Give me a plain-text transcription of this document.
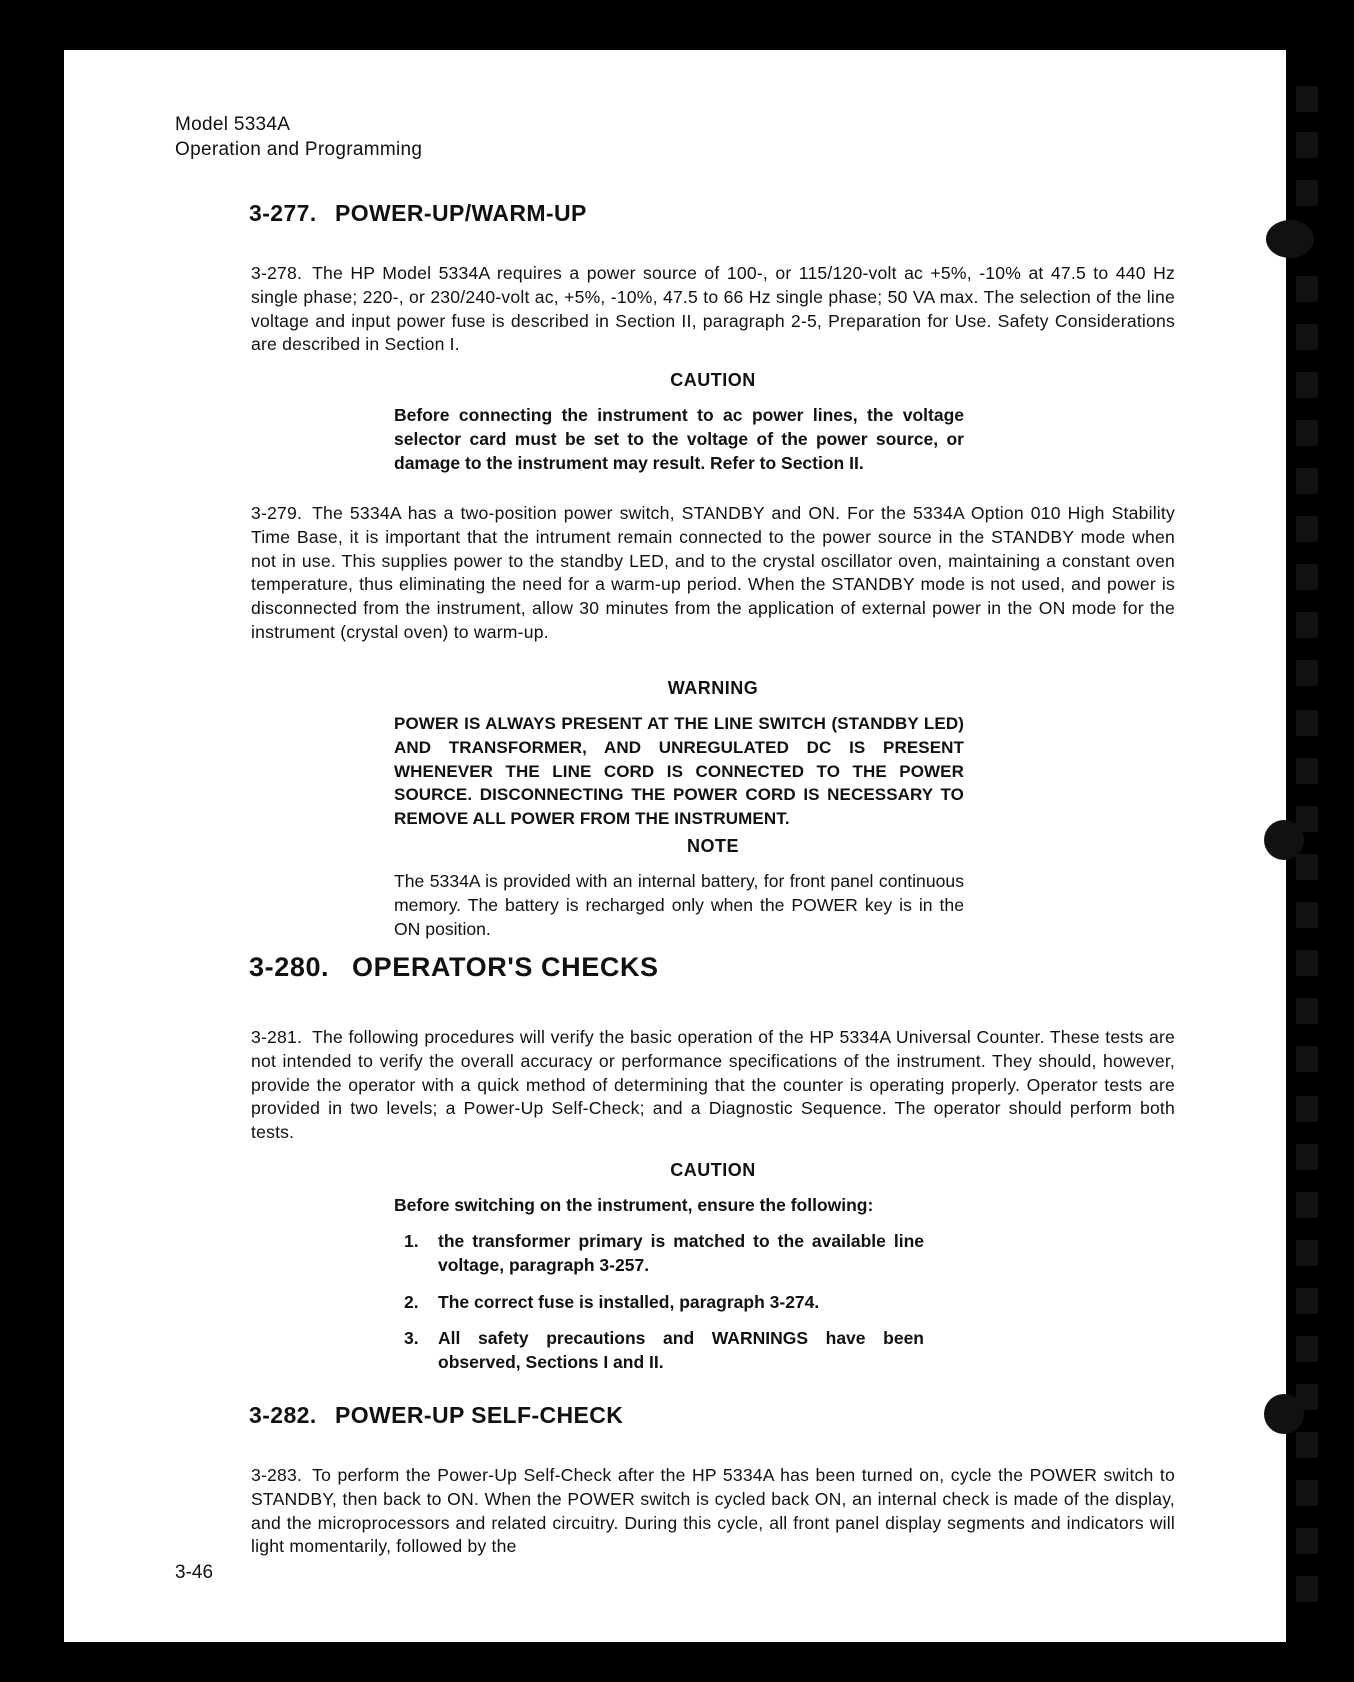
Model 5334A
Operation and Programming
3-277. POWER-UP/WARM-UP
3-278. The HP Model 5334A requires a power source of 100-, or 115/120-volt ac +5%, -10% at 47.5 to 440 Hz single phase; 220-, or 230/240-volt ac, +5%, -10%, 47.5 to 66 Hz single phase; 50 VA max. The selection of the line voltage and input power fuse is described in Section II, paragraph 2-5, Preparation for Use. Safety Considerations are described in Section I.
CAUTION
Before connecting the instrument to ac power lines, the voltage selector card must be set to the voltage of the power source, or damage to the instrument may result. Refer to Section II.
3-279. The 5334A has a two-position power switch, STANDBY and ON. For the 5334A Option 010 High Stability Time Base, it is important that the intrument remain connected to the power source in the STANDBY mode when not in use. This supplies power to the standby LED, and to the crystal oscillator oven, maintaining a constant oven temperature, thus eliminating the need for a warm-up period. When the STANDBY mode is not used, and power is disconnected from the instrument, allow 30 minutes from the application of external power in the ON mode for the instrument (crystal oven) to warm-up.
WARNING
POWER IS ALWAYS PRESENT AT THE LINE SWITCH (STANDBY LED) AND TRANSFORMER, AND UNREGULATED DC IS PRESENT WHENEVER THE LINE CORD IS CONNECTED TO THE POWER SOURCE. DISCONNECTING THE POWER CORD IS NECESSARY TO REMOVE ALL POWER FROM THE INSTRUMENT.
NOTE
The 5334A is provided with an internal battery, for front panel continuous memory. The battery is recharged only when the POWER key is in the ON position.
3-280. OPERATOR'S CHECKS
3-281. The following procedures will verify the basic operation of the HP 5334A Universal Counter. These tests are not intended to verify the overall accuracy or performance specifications of the instrument. They should, however, provide the operator with a quick method of determining that the counter is operating properly. Operator tests are provided in two levels; a Power-Up Self-Check; and a Diagnostic Sequence. The operator should perform both tests.
CAUTION
Before switching on the instrument, ensure the following:
1. the transformer primary is matched to the available line voltage, paragraph 3-257.
2. The correct fuse is installed, paragraph 3-274.
3. All safety precautions and WARNINGS have been observed, Sections I and II.
3-282. POWER-UP SELF-CHECK
3-283. To perform the Power-Up Self-Check after the HP 5334A has been turned on, cycle the POWER switch to STANDBY, then back to ON. When the POWER switch is cycled back ON, an internal check is made of the display, and the microprocessors and related circuitry. During this cycle, all front panel display segments and indicators will light momentarily, followed by the
3-46
